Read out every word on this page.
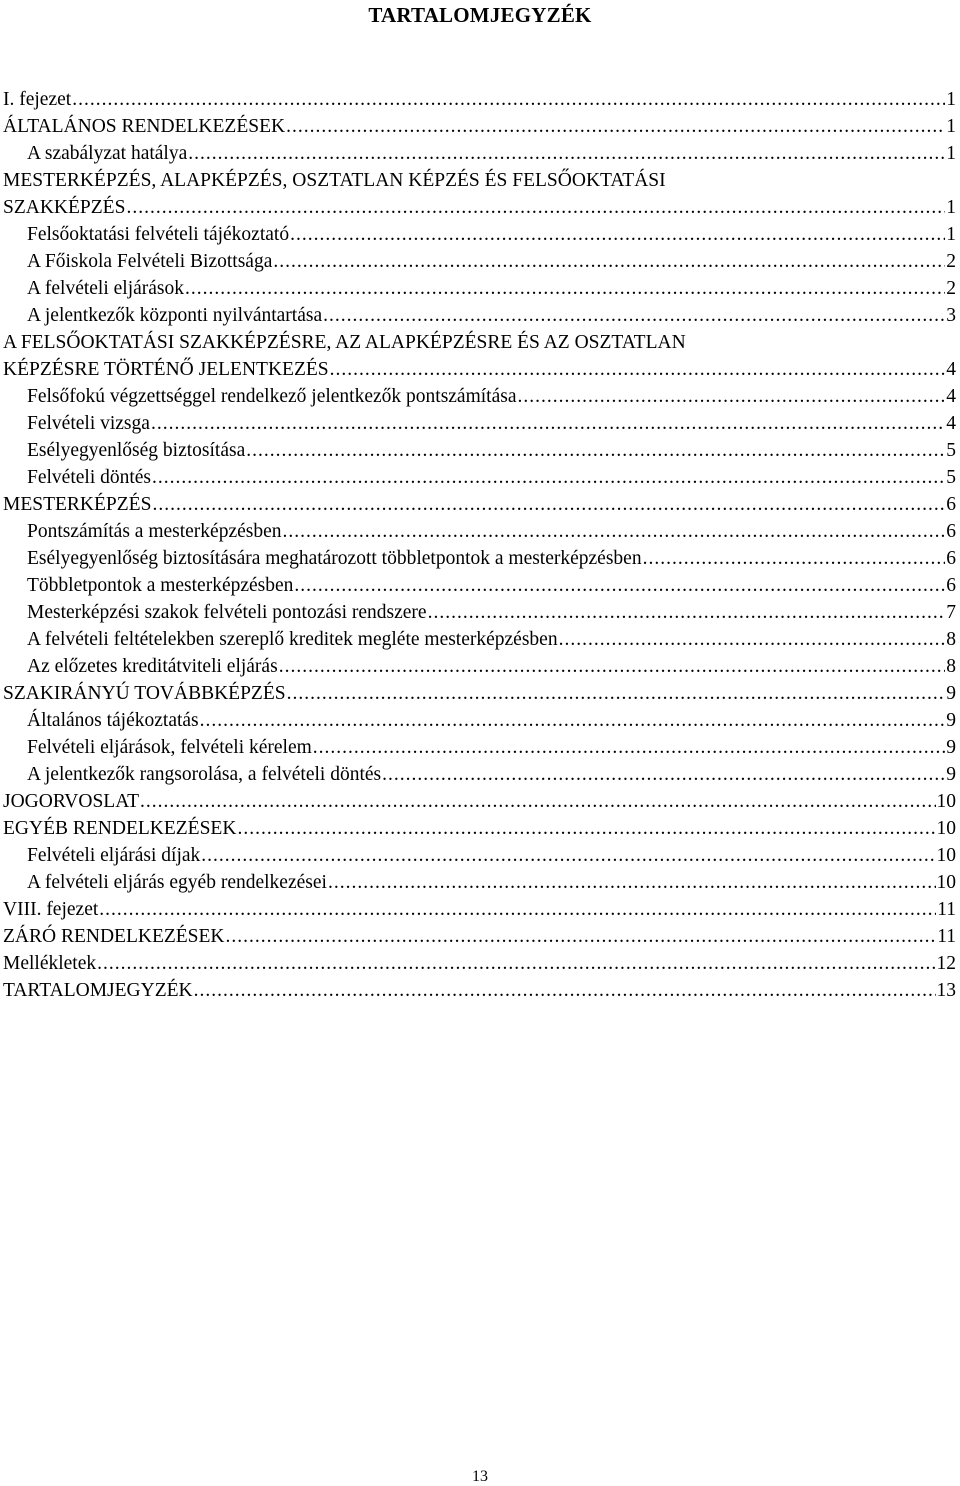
TARTALOMJEGYZÉK
I. fejezet .....	1
ÁLTALÁNOS RENDELKEZÉSEK .....	1
A szabályzat hatálya .....	1
MESTERKÉPZÉS, ALAPKÉPZÉS, OSZTATLAN KÉPZÉS ÉS FELSŐOKTATÁSI
SZAKKÉPZÉS .....	1
Felsőoktatási felvételi tájékoztató .....	1
A Főiskola Felvételi Bizottsága .....	2
A felvételi eljárások .....	2
A jelentkezők központi nyilvántartása .....	3
A FELSŐOKTATÁSI SZAKKÉPZÉSRE, AZ ALAPKÉPZÉSRE ÉS AZ OSZTATLAN
KÉPZÉSRE TÖRTÉNŐ JELENTKEZÉS .....	4
Felsőfokú végzettséggel rendelkező jelentkezők pontszámítása .....	4
Felvételi vizsga .....	4
Esélyegyenlőség biztosítása .....	5
Felvételi döntés .....	5
MESTERKÉPZÉS .....	6
Pontszámítás a mesterképzésben .....	6
Esélyegyenlőség biztosítására meghatározott többletpontok a mesterképzésben .....	6
Többletpontok a mesterképzésben .....	6
Mesterképzési szakok felvételi pontozási rendszere .....	7
A felvételi feltételekben szereplő kreditek megléte mesterképzésben .....	8
Az előzetes kreditátviteli eljárás .....	8
SZAKIRÁNYÚ TOVÁBBKÉPZÉS .....	9
Általános tájékoztatás .....	9
Felvételi eljárások, felvételi kérelem .....	9
A jelentkezők rangsorolása, a felvételi döntés .....	9
JOGORVOSLAT .....	10
EGYÉB RENDELKEZÉSEK .....	10
Felvételi eljárási díjak .....	10
A felvételi eljárás egyéb rendelkezései .....	10
VIII. fejezet .....	11
ZÁRÓ RENDELKEZÉSEK .....	11
Mellékletek .....	12
TARTALOMJEGYZÉK .....	13
13
